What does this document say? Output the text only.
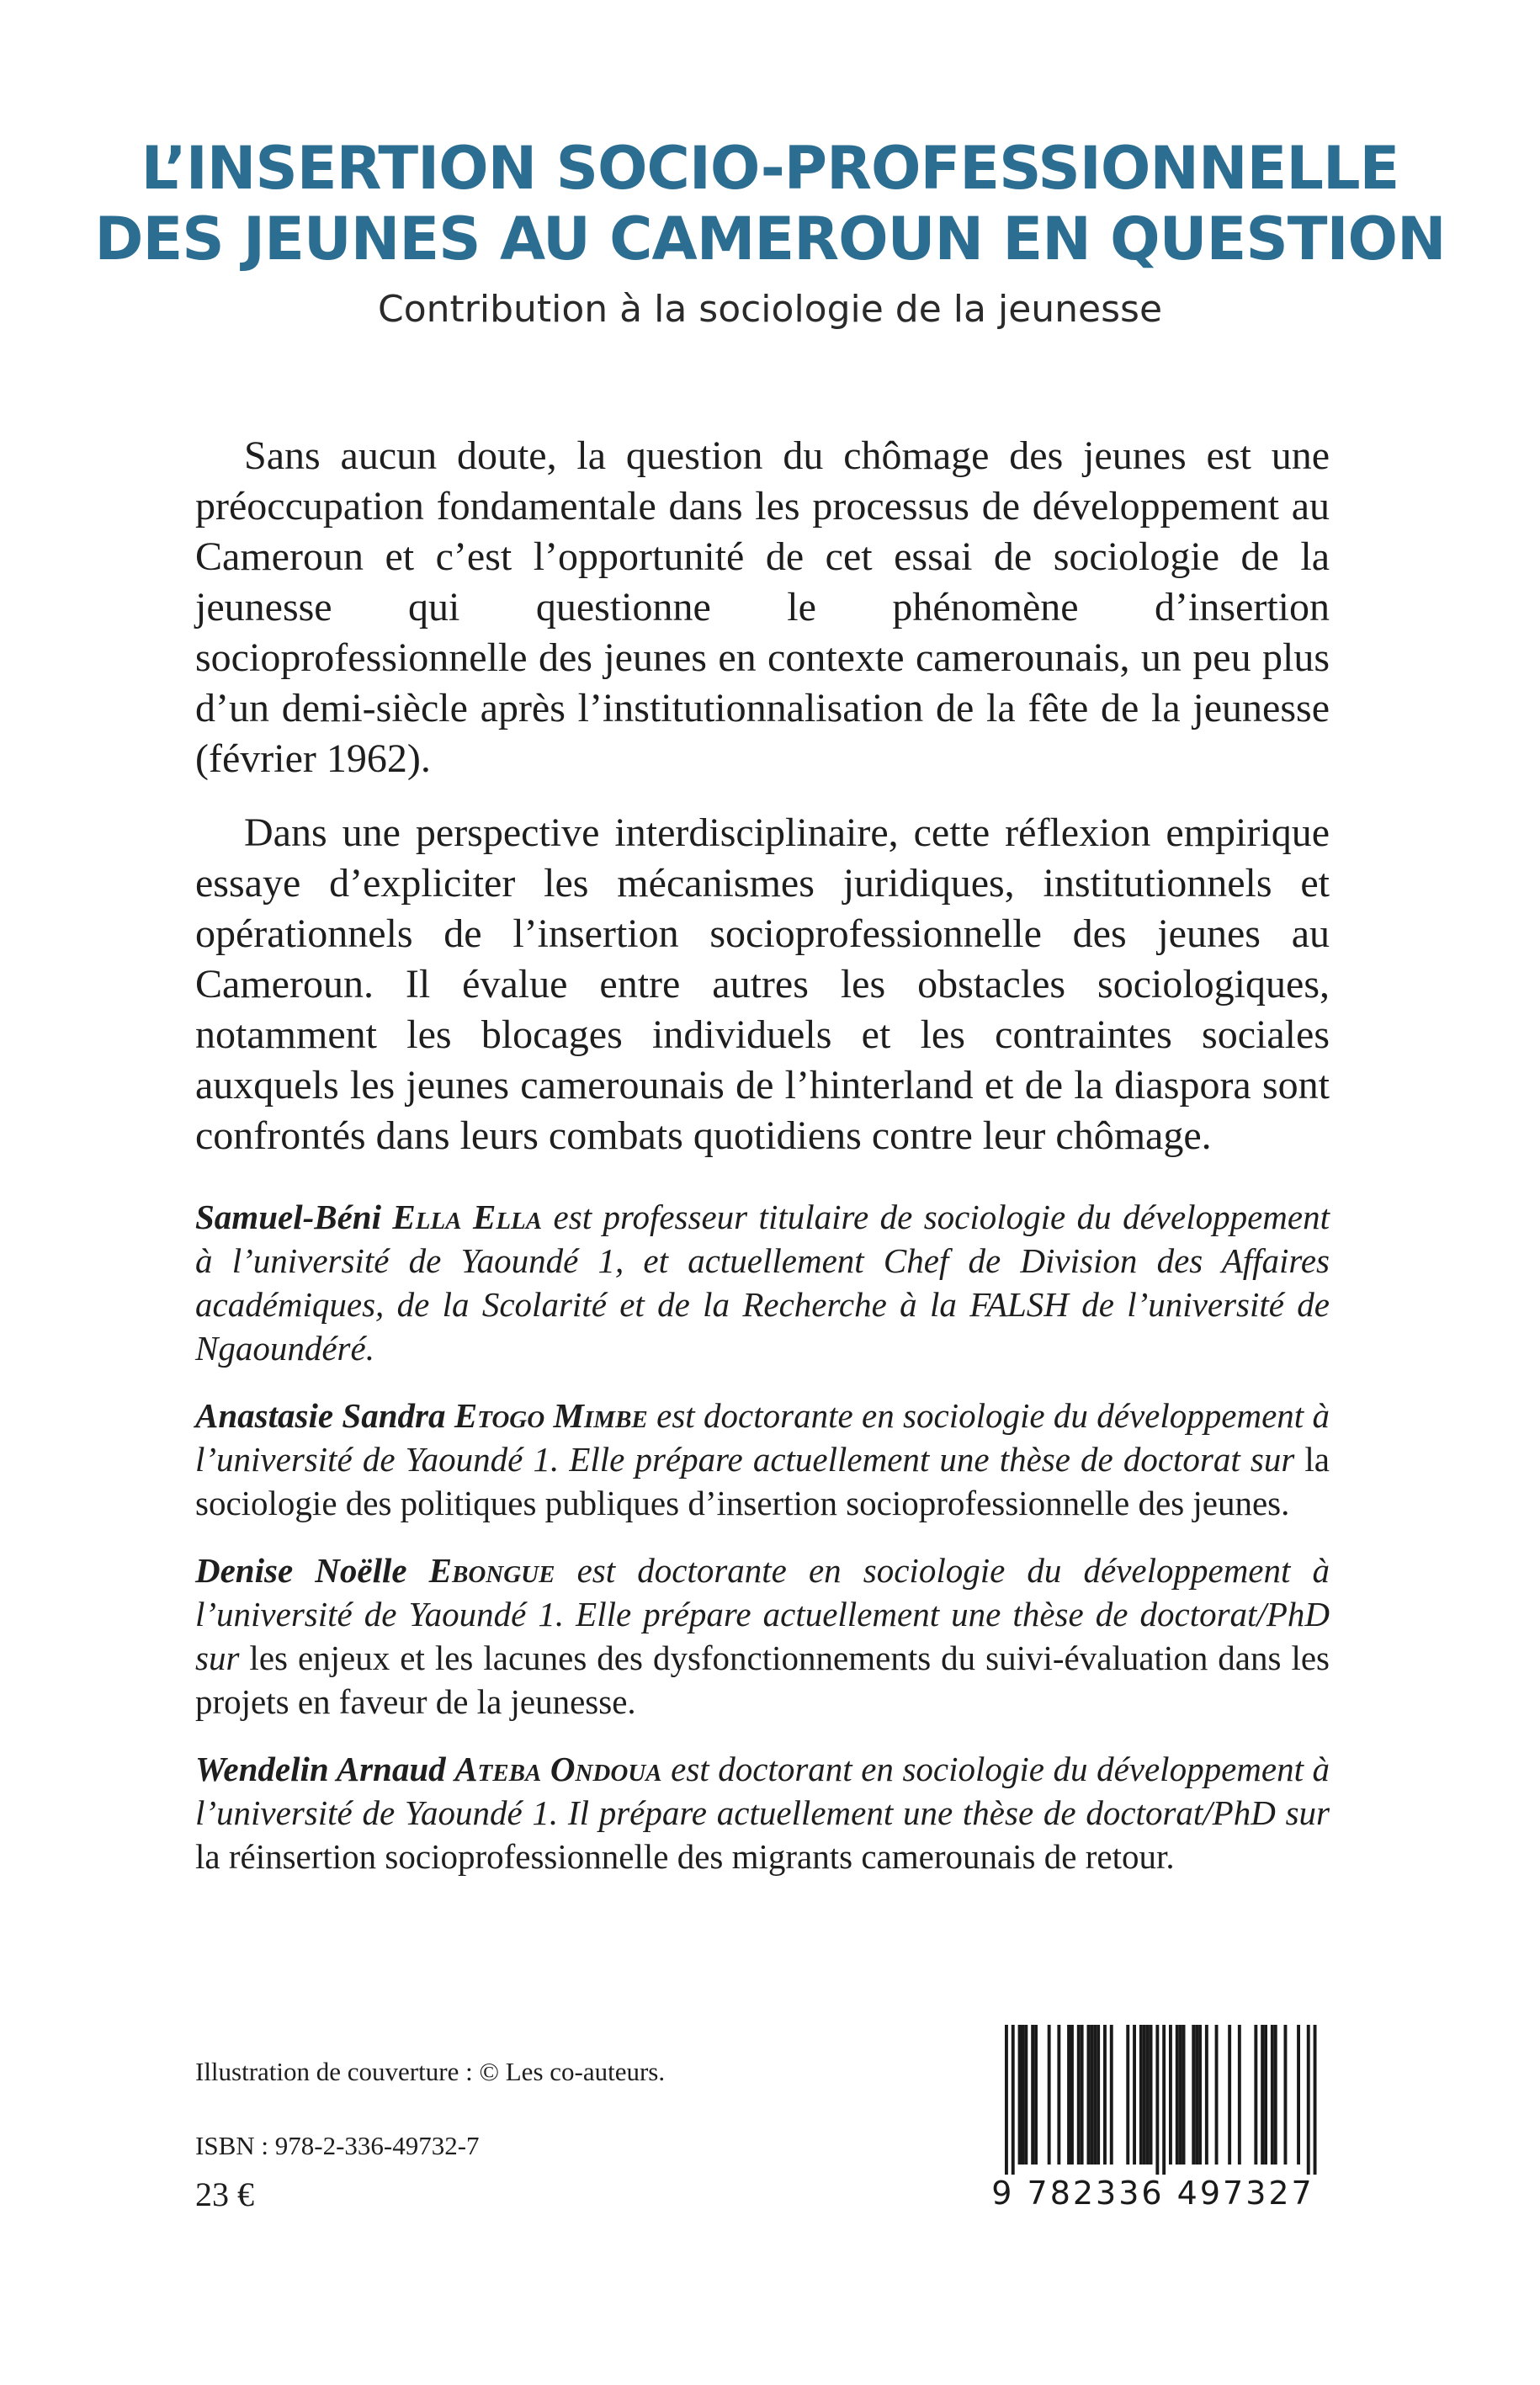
L’INSERTION SOCIO-PROFESSIONNELLE
DES JEUNES AU CAMEROUN EN QUESTION
Contribution à la sociologie de la jeunesse

Sans aucun doute, la question du chômage des jeunes est une préoccupation fondamentale dans les processus de développement au Cameroun et c’est l’opportunité de cet essai de sociologie de la jeunesse qui questionne le phénomène d’insertion socioprofessionnelle des jeunes en contexte camerounais, un peu plus d’un demi-siècle après l’institutionnalisation de la fête de la jeunesse (février 1962).

Dans une perspective interdisciplinaire, cette réflexion empirique essaye d’expliciter les mécanismes juridiques, institutionnels et opérationnels de l’insertion socioprofessionnelle des jeunes au Cameroun. Il évalue entre autres les obstacles sociologiques, notamment les blocages individuels et les contraintes sociales auxquels les jeunes camerounais de l’hinterland et de la diaspora sont confrontés dans leurs combats quotidiens contre leur chômage.

Samuel-Béni Ella Ella est professeur titulaire de sociologie du développement à l’université de Yaoundé 1, et actuellement Chef de Division des Affaires académiques, de la Scolarité et de la Recherche à la FALSH de l’université de Ngaoundéré.

Anastasie Sandra Etogo Mimbe est doctorante en sociologie du développement à l’université de Yaoundé 1. Elle prépare actuellement une thèse de doctorat sur la sociologie des politiques publiques d’insertion socioprofessionnelle des jeunes.

Denise Noëlle Ebongue est doctorante en sociologie du développement à l’université de Yaoundé 1. Elle prépare actuellement une thèse de doctorat/PhD sur les enjeux et les lacunes des dysfonctionnements du suivi-évaluation dans les projets en faveur de la jeunesse.

Wendelin Arnaud Ateba Ondoua est doctorant en sociologie du développement à l’université de Yaoundé 1. Il prépare actuellement une thèse de doctorat/PhD sur la réinsertion socioprofessionnelle des migrants camerounais de retour.

Illustration de couverture : © Les co-auteurs.
ISBN : 978-2-336-49732-7
23 €	9 782336 497327
